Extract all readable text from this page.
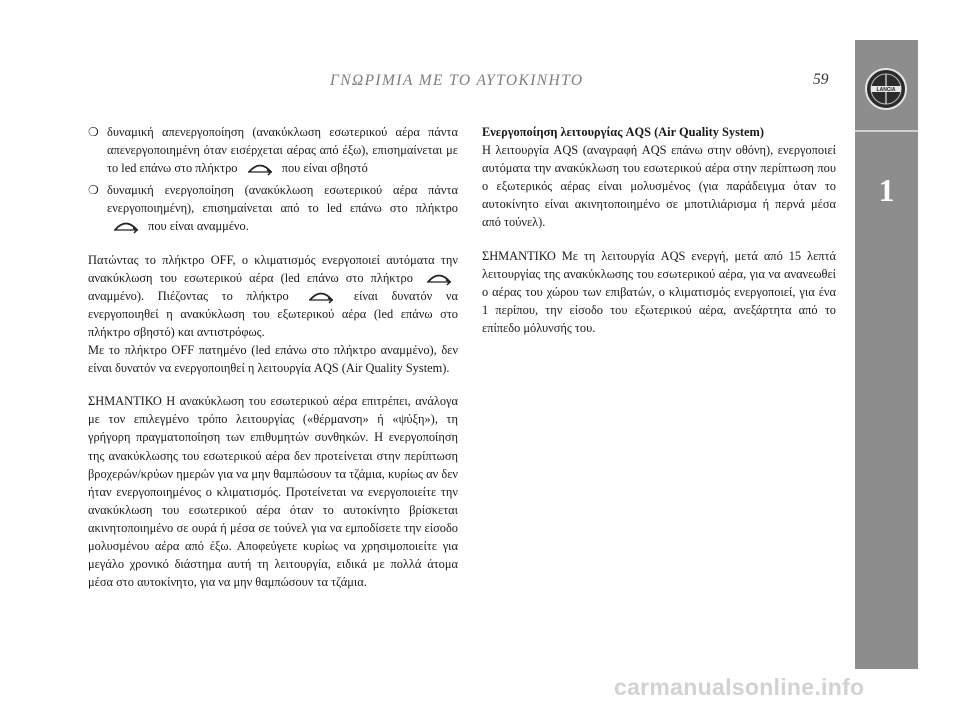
ΓΝΩΡΙΜΙΑ ΜΕ ΤΟ ΑΥΤΟΚΙΝΗΤΟ	59
LANCIA
1

❍ δυναμική απενεργοποίηση (ανακύκλωση εσωτερικού αέρα πάντα απενεργοποιημένη όταν εισέρχεται αέρας από έξω), επισημαίνεται με το led επάνω στο πλήκτρο	που είναι σβηστό

❍ δυναμική ενεργοποίηση (ανακύκλωση εσωτερικού αέρα πάντα ενεργοποιημένη), επισημαίνεται από το led επάνω στο πλήκτρο  που είναι αναμμένο.

Πατώντας το πλήκτρο OFF, ο κλιματισμός ενεργοποιεί αυτόματα την ανακύκλωση του εσωτερικού αέρα (led επάνω στο πλήκτρο  αναμμένο). Πιέζοντας το πλήκτρο	είναι δυνατόν να ενεργοποιηθεί η ανακύκλωση του εξωτερικού αέρα (led επάνω στο πλήκτρο σβηστό) και αντιστρόφως.

Με το πλήκτρο OFF πατημένο (led επάνω στο πλήκτρο αναμμένο), δεν είναι δυνατόν να ενεργοποιηθεί η λειτουργία AQS (Air Quality System).

ΣΗΜΑΝΤΙΚΟ Η ανακύκλωση του εσωτερικού αέρα επιτρέπει, ανάλογα με τον επιλεγμένο τρόπο λειτουργίας («θέρμανση» ή «ψύξη»), τη γρήγορη πραγματοποίηση των επιθυμητών συνθηκών. Η ενεργοποίηση της ανακύκλωσης του εσωτερικού αέρα δεν προτείνεται στην περίπτωση βροχερών/κρύων ημερών για να μην θαμπώσουν τα τζάμια, κυρίως αν δεν ήταν ενεργοποιημένος ο κλιματισμός. Προτείνεται να ενεργοποιείτε την ανακύκλωση του εσωτερικού αέρα όταν το αυτοκίνητο βρίσκεται ακινητοποιημένο σε ουρά ή μέσα σε τούνελ για να εμποδίσετε την είσοδο μολυσμένου αέρα από έξω. Αποφεύγετε κυρίως να χρησιμοποιείτε για μεγάλο χρονικό διάστημα αυτή τη λειτουργία, ειδικά με πολλά άτομα μέσα στο αυτοκίνητο, για να μην θαμπώσουν τα τζάμια.

Ενεργοποίηση λειτουργίας AQS (Air Quality System)

Η λειτουργία AQS (αναγραφή AQS επάνω στην οθόνη), ενεργοποιεί αυτόματα την ανακύκλωση του εσωτερικού αέρα στην περίπτωση που ο εξωτερικός αέρας είναι μολυσμένος (για παράδειγμα όταν το αυτοκίνητο είναι ακινητοποιημένο σε μποτιλιάρισμα ή περνά μέσα από τούνελ).

ΣΗΜΑΝΤΙΚΟ Με τη λειτουργία AQS ενεργή, μετά από 15 λεπτά λειτουργίας της ανακύκλωσης του εσωτερικού αέρα, για να ανανεωθεί ο αέρας του χώρου των επιβατών, ο κλιματισμός ενεργοποιεί, για ένα 1 περίπου, την είσοδο του εξωτερικού αέρα, ανεξάρτητα από το επίπεδο μόλυνσής του.

carmanualsonline.info
